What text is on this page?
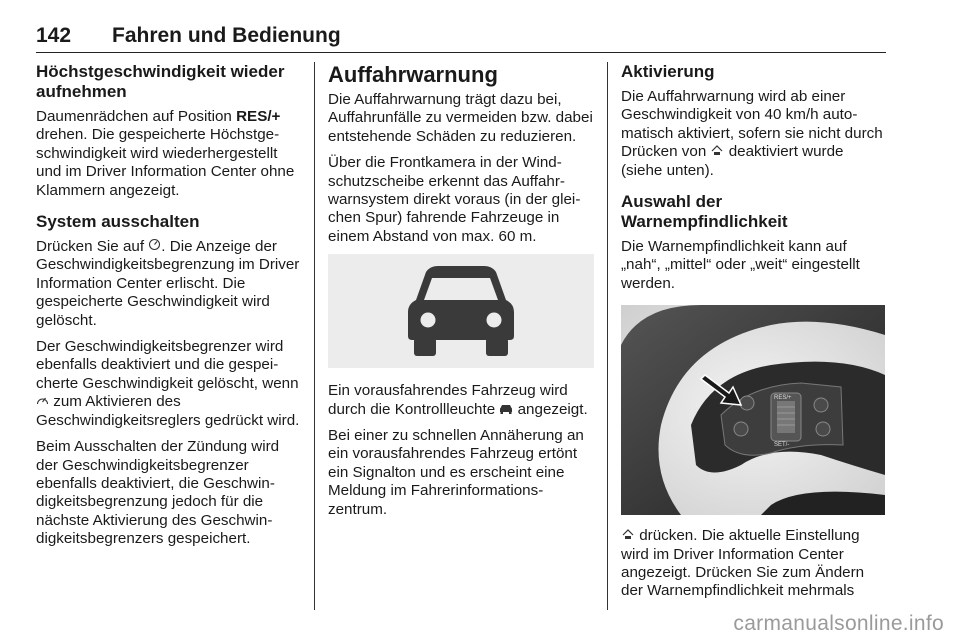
142 Fahren und Bedienung
Höchstgeschwindigkeit wieder aufnehmen

Daumenrädchen auf Position RES/+ drehen. Die gespeicherte Höchstgeschwindigkeit wird wiederhergestellt und im Driver Information Center ohne Klammern angezeigt.

System ausschalten

Drücken Sie auf . Die Anzeige der Geschwindigkeitsbegrenzung im Driver Information Center erlischt. Die gespeicherte Geschwindigkeit wird gelöscht.

Der Geschwindigkeitsbegrenzer wird ebenfalls deaktiviert und die gespeicherte Geschwindigkeit gelöscht, wenn  zum Aktivieren des Geschwindigkeitsreglers gedrückt wird.

Beim Ausschalten der Zündung wird der Geschwindigkeitsbegrenzer ebenfalls deaktiviert, die Geschwindigkeitsbegrenzung jedoch für die nächste Aktivierung des Geschwindigkeitsbegrenzers gespeichert.

Auffahrwarnung

Die Auffahrwarnung trägt dazu bei, Auffahrunfälle zu vermeiden bzw. dabei entstehende Schäden zu reduzieren.

Über die Frontkamera in der Windschutzscheibe erkennt das Auffahrwarnsystem direkt voraus (in der gleichen Spur) fahrende Fahrzeuge in einem Abstand von max. 60 m.

Ein vorausfahrendes Fahrzeug wird durch die Kontrollleuchte  angezeigt.

Bei einer zu schnellen Annäherung an ein vorausfahrendes Fahrzeug ertönt ein Signalton und es erscheint eine Meldung im Fahrerinformationszentrum.

Aktivierung

Die Auffahrwarnung wird ab einer Geschwindigkeit von 40 km/h automatisch aktiviert, sofern sie nicht durch Drücken von  deaktiviert wurde (siehe unten).

Auswahl der Warnempfindlichkeit

Die Warnempfindlichkeit kann auf „nah“, „mittel“ oder „weit“ eingestellt werden.

RES/+
SET/-

drücken. Die aktuelle Einstellung wird im Driver Information Center angezeigt. Drücken Sie zum Ändern der Warnempfindlichkeit mehrmals

carmanualsonline.info
